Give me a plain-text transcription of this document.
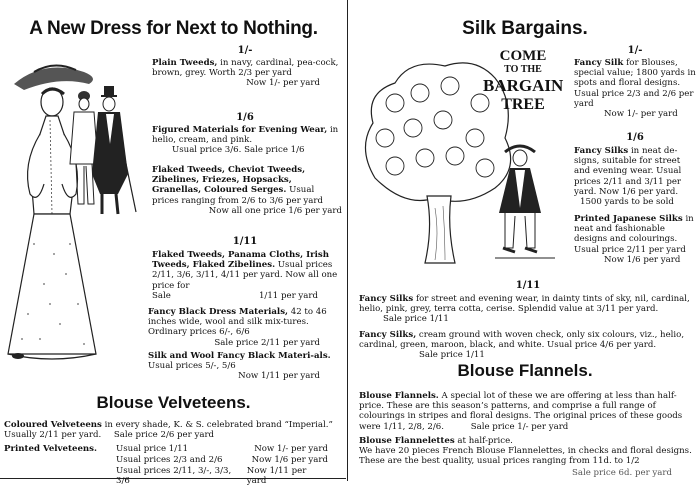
A New Dress for Next to Nothing.
1/-
Plain Tweeds, in navy, cardinal, pea-cock, brown, grey. Worth 2/3 per yard
Now 1/- per yard
1/6
Figured Materials for Evening Wear, in helio, cream, and pink.
Usual price 3/6. Sale price 1/6
Flaked Tweeds, Cheviot Tweeds, Zibelines, Friezes, Hopsacks, Granellas, Coloured Serges. Usual prices ranging from 2/6 to 3/6 per yard
Now all one price 1/6 per yard
1/11
Flaked Tweeds, Panama Cloths, Irish Tweeds, Flaked Zibelines. Usual prices 2/11, 3/6, 3/11, 4/11 per yard. Now all one price for
Sale	1/11 per yard
Fancy Black Dress Materials, 42 to 46 inches wide, wool and silk mix-tures. Ordinary prices 6/-, 6/6
Sale price 2/11 per yard
Silk and Wool Fancy Black Materi-als. Usual prices 5/-, 5/6
Now 1/11 per yard
Blouse Velveteens.
Coloured Velveteens in every shade, K. & S. celebrated brand “Imperial.” Usually 2/11 per yard. Sale price 2/6 per yard
Printed Velveteens. Usual price 1/11	Now 1/- per yard
Usual prices 2/3 and 2/6	Now 1/6 per yard
Usual prices 2/11, 3/-, 3/3, 3/6
Now 1/11 per yard
Silk Bargains.
COME
TO THE
BARGAIN
TREE
1/-
Fancy Silk for Blouses, special value; 1800 yards in spots and floral designs. Usual price 2/3 and 2/6 per yard
Now 1/- per yard
1/6
Fancy Silks in neat de-signs, suitable for street and evening wear. Usual prices 2/11 and 3/11 per yard. Now 1/6 per yard.
1500 yards to be sold
Printed Japanese Silks in neat and fashionable designs and colourings. Usual price 2/11 per yard
Now 1/6 per yard
1/11
Fancy Silks for street and evening wear, in dainty tints of sky, nil, cardinal, helio, pink, grey, terra cotta, cerise. Splendid value at 3/11 per yard. Sale price 1/11
Fancy Silks, cream ground with woven check, only six colours, viz., helio, cardinal, green, maroon, black, and white. Usual price 4/6 per yard. Sale price 1/11
Blouse Flannels.
Blouse Flannels. A special lot of these we are offering at less than half-price. These are this season’s patterns, and comprise a full range of colourings in stripes and floral designs. The original prices of these goods were 1/11, 2/8, 2/6.	Sale price 1/- per yard
Blouse Flannelettes at half-price.
We have 20 pieces French Blouse Flannelettes, in checks and floral designs. These are the best quality, usual prices ranging from 11d. to 1/2
Sale price 6d. per yard
